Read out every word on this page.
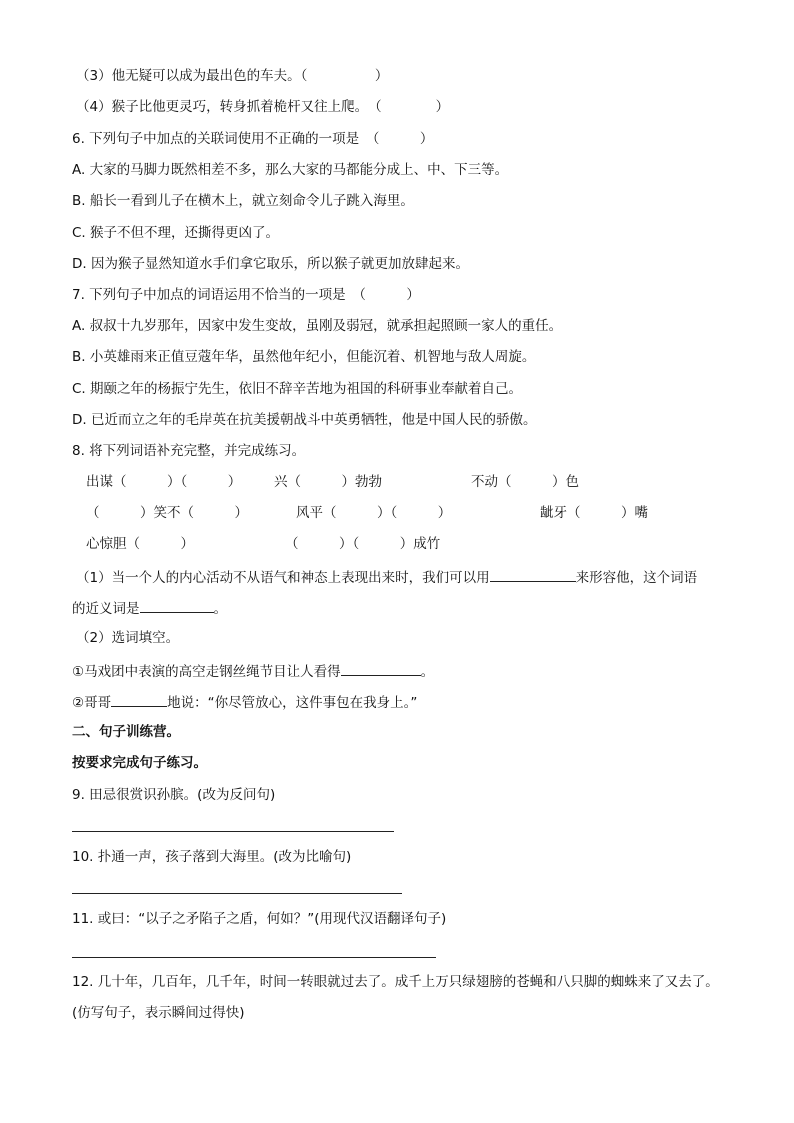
（3）他无疑可以成为最出色的车夫。（　　　　　）
（4）猴子比他更灵巧，转身抓着桅杆又往上爬。　（　　　　）
6. 下列句子中加点的关联词使用不正确的一项是　（　　　）
A. 大家的马脚力既然相差不多，那么大家的马都能分成上、中、下三等。
B. 船长一看到儿子在横木上，就立刻命令儿子跳入海里。
C. 猴子不但不理，还撕得更凶了。
D. 因为猴子显然知道水手们拿它取乐，所以猴子就更加放肆起来。
7. 下列句子中加点的词语运用不恰当的一项是　（　　　）
A. 叔叔十九岁那年，因家中发生变故，虽刚及弱冠，就承担起照顾一家人的重任。
B. 小英雄雨来正值豆蔻年华，虽然他年纪小，但能沉着、机智地与敌人周旋。
C. 期颐之年的杨振宁先生，依旧不辞辛苦地为祖国的科研事业奉献着自己。
D. 已近而立之年的毛岸英在抗美援朝战斗中英勇牺牲，他是中国人民的骄傲。
8. 将下列词语补充完整，并完成练习。
出谋（　　　）（　　　） 兴（　　　）勃勃	不动（　　　）色
（　　　）笑不（　　　）	风平（　　　）（　　　）	龇牙（　　　）嘴
心惊胆（　　　）	（　　　）（　　　）成竹
（1）当一个人的内心活动不从语气和神态上表现出来时，我们可以用	来形容他，这个词语
的近义词是	。
（2）选词填空。
①马戏团中表演的高空走钢丝绳节目让人看得	。
②哥哥	地说：“你尽管放心，这件事包在我身上。”
二、句子训练营。
按要求完成句子练习。
9. 田忌很赏识孙膑。(改为反问句)
10. 扑通一声，孩子落到大海里。(改为比喻句)
11. 或曰：“以子之矛陷子之盾，何如？”(用现代汉语翻译句子)
12. 几十年，几百年，几千年，时间一转眼就过去了。成千上万只绿翅膀的苍蝇和八只脚的蜘蛛来了又去了。
(仿写句子，表示瞬间过得快)
